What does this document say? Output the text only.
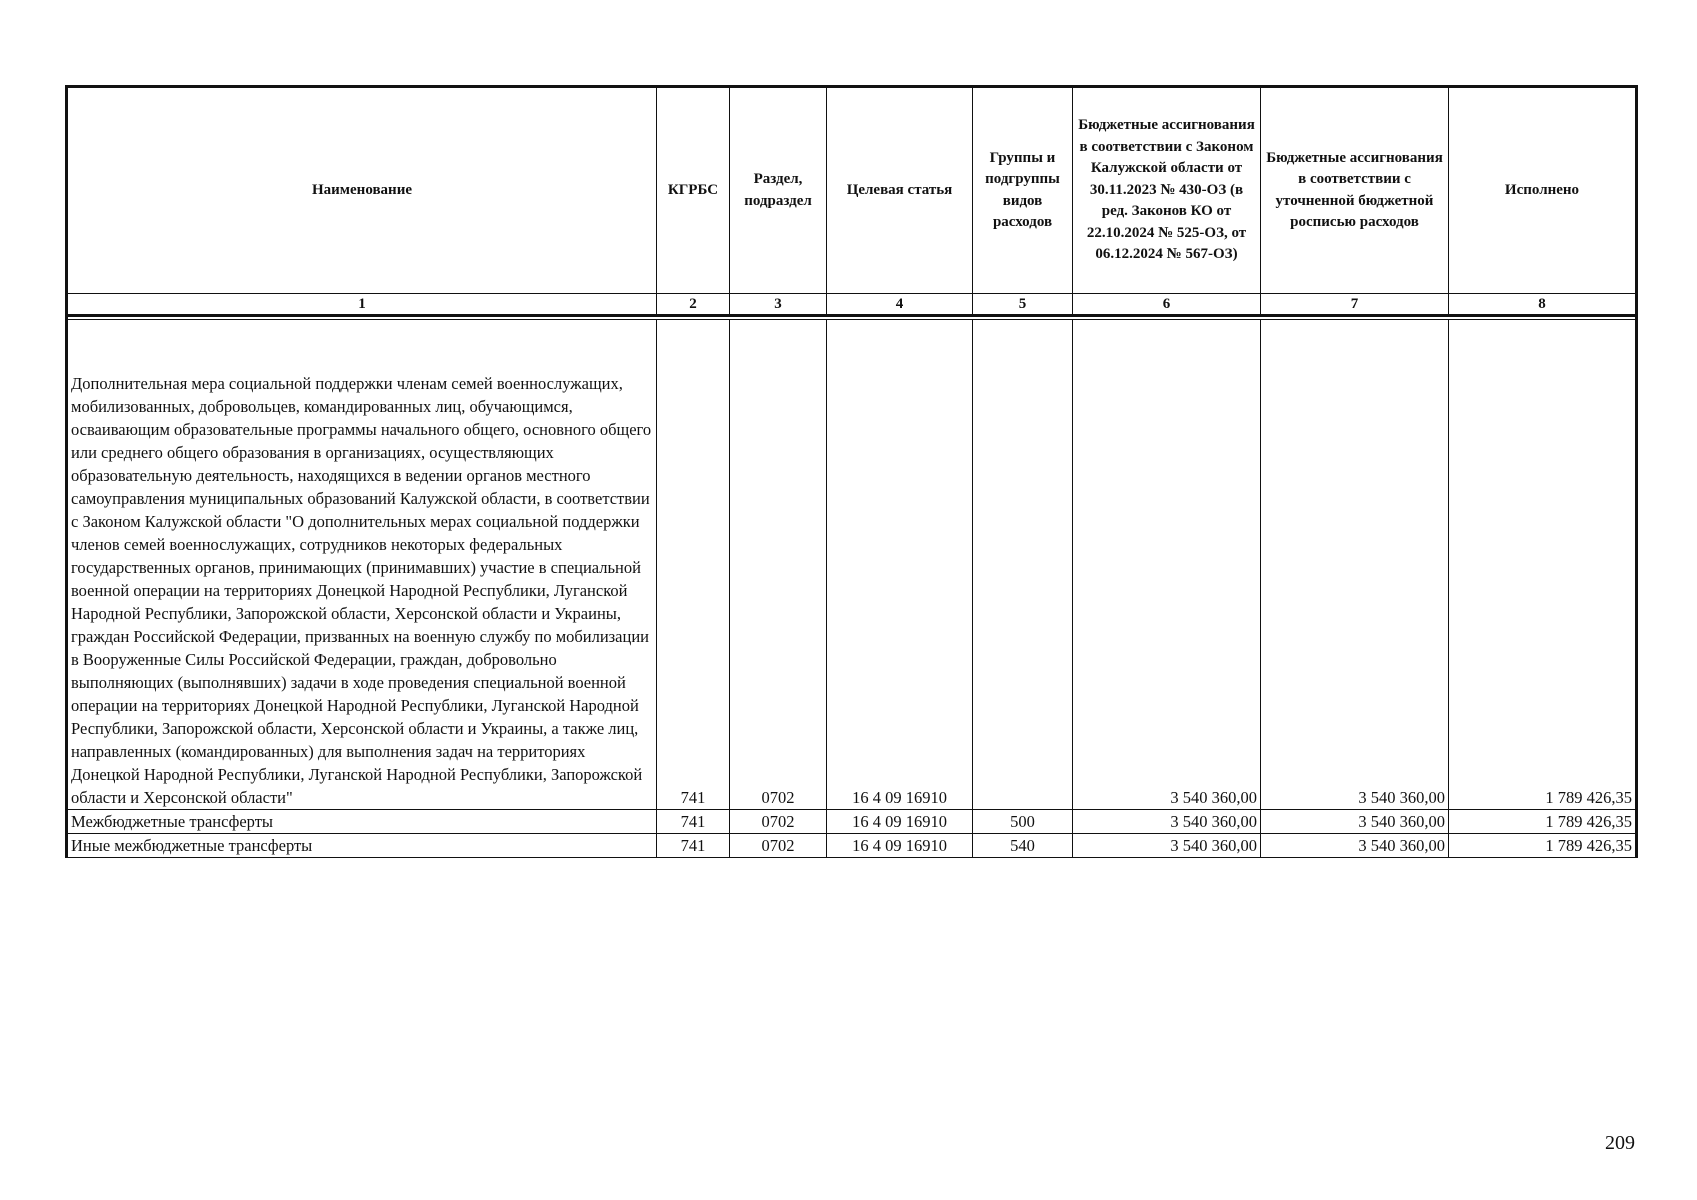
Наименование	КГРБС	Раздел, подраздел	Целевая статья	Группы и подгруппы видов расходов	Бюджетные ассигнования в соответствии с Законом Калужской области от 30.11.2023 № 430-ОЗ (в ред. Законов КО от 22.10.2024 № 525-ОЗ, от 06.12.2024 № 567-ОЗ)	Бюджетные ассигнования в соответствии с уточненной бюджетной росписью расходов	Исполнено
1	2	3	4	5	6	7	8

Дополнительная мера социальной поддержки членам семей военнослужащих, мобилизованных, добровольцев, командированных лиц, обучающимся, осваивающим образовательные программы начального общего, основного общего или среднего общего образования в организациях, осуществляющих образовательную деятельность, находящихся в ведении органов местного самоуправления муниципальных образований Калужской области, в соответствии с Законом Калужской области "О дополнительных мерах социальной поддержки членов семей военнослужащих, сотрудников некоторых федеральных государственных органов, принимающих (принимавших) участие в специальной военной операции на территориях Донецкой Народной Республики, Луганской Народной Республики, Запорожской области, Херсонской области и Украины, граждан Российской Федерации, призванных на военную службу по мобилизации в Вооруженные Силы Российской Федерации, граждан, добровольно выполняющих (выполнявших) задачи в ходе проведения специальной военной операции на территориях Донецкой Народной Республики, Луганской Народной Республики, Запорожской области, Херсонской области и Украины, а также лиц, направленных (командированных) для выполнения задач на территориях Донецкой Народной Республики, Луганской Народной Республики, Запорожской области и Херсонской области"	741	0702	16 4 09 16910		3 540 360,00	3 540 360,00	1 789 426,35
Межбюджетные трансферты	741	0702	16 4 09 16910	500	3 540 360,00	3 540 360,00	1 789 426,35
Иные межбюджетные трансферты	741	0702	16 4 09 16910	540	3 540 360,00	3 540 360,00	1 789 426,35
209
